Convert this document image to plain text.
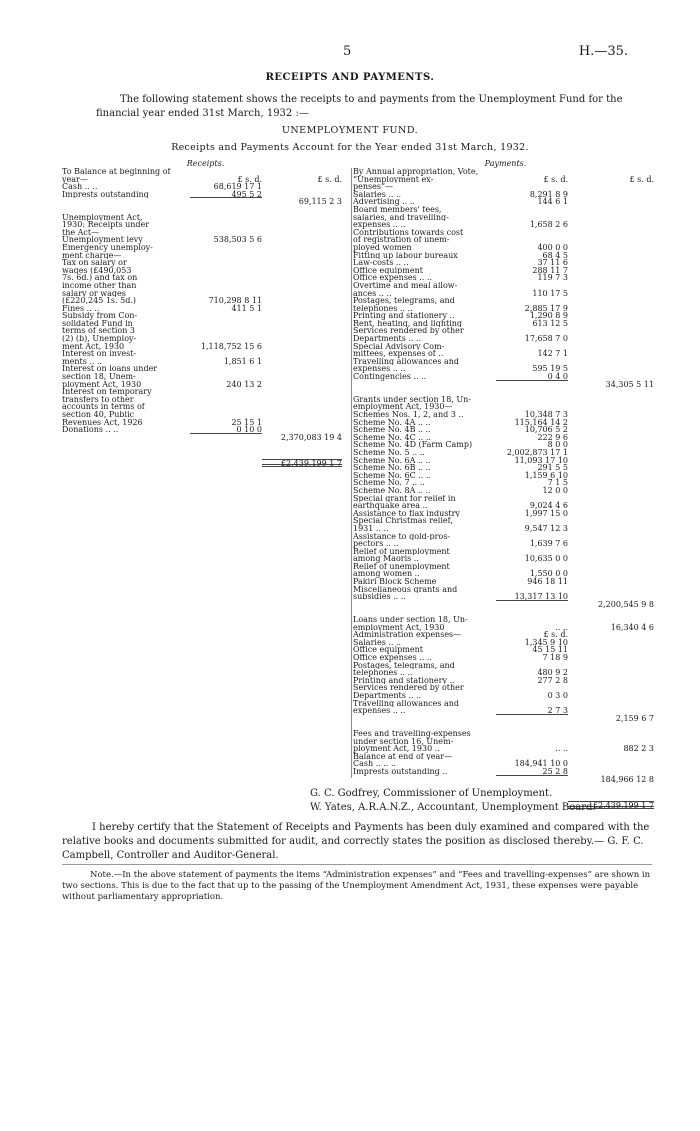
5	H.—35.
RECEIPTS AND PAYMENTS.
The following statement shows the receipts to and payments from the Unemployment Fund for the financial year ended 31st March, 1932 :—
UNEMPLOYMENT FUND.
Receipts and Payments Account for the Year ended 31st March, 1932.
Receipts.
To Balance at beginning of
year—	£ s. d.	£ s. d.
Cash .. ..	68,619 17 1
Imprests outstanding	495 5 2
69,115 2 3
Unemployment Act,
1930: Receipts under
the Act—
Unemployment levy	538,503 5 6
Emergency unemploy-
ment charge—
Tax on salary or
wages (£490,053
7s. 6d.) and tax on
income other than
salary or wages
(£220,245 1s. 5d.)	710,298 8 11
Fines .. ..	411 5 1
Subsidy from Con-
solidated Fund in
terms of section 3
(2) (b), Unemploy-
ment Act, 1930	1,118,752 15 6
Interest on invest-
ments .. ..	1,851 6 1
Interest on loans under
section 18, Unem-
ployment Act, 1930	240 13 2
Interest on temporary
transfers to other
accounts in terms of
section 40, Public
Revenues Act, 1926	25 15 1
Donations .. ..	0 10 0
2,370,083 19 4
£2,439,199 1 7
Payments.
By Annual appropriation, Vote,
“Unemployment ex-	£ s. d.	£ s. d.
penses”—
Salaries .. ..	8,291 8 9
Advertising .. ..	144 6 1
Board members' fees,
salaries, and travelling-
expenses .. ..	1,658 2 6
Contributions towards cost
of registration of unem-
ployed women	400 0 0
Fitting up labour bureaux	68 4 5
Law-costs .. ..	37 11 6
Office equipment	288 11 7
Office expenses .. ..	119 7 3
Overtime and meal allow-
ances .. ..	110 17 5
Postages, telegrams, and
telephones .. ..	2,885 17 9
Printing and stationery ..	1,290 8 9
Rent, heating, and lighting	613 12 5
Services rendered by other
Departments .. ..	17,658 7 0
Special Advisory Com-
mittees, expenses of ..	142 7 1
Travelling allowances and
expenses .. ..	595 19 5
Contingencies .. ..	0 4 0
34,305 5 11
Grants under section 18, Un-
employment Act, 1930—
Schemes Nos. 1, 2, and 3 ..	10,348 7 3
Scheme No. 4A .. ..	115,164 14 2
Scheme No. 4B .. ..	10,706 5 2
Scheme No. 4C .. ..	222 9 6
Scheme No. 4D (Farm Camp)	8 0 0
Scheme No. 5 .. ..	2,002,873 17 1
Scheme No. 6A .. ..	11,093 17 10
Scheme No. 6B .. ..	291 5 5
Scheme No. 6C .. ..	1,159 6 10
Scheme No. 7 .. ..	7 1 5
Scheme No. 8A .. ..	12 0 0
Special grant for relief in
earthquake area ..	9,024 4 6
Assistance to flax industry	1,997 15 0
Special Christmas relief,
1931 .. ..	9,547 12 3
Assistance to gold-pros-
pectors .. ..	1,639 7 6
Relief of unemployment
among Maoris ..	10,635 0 0
Relief of unemployment
among women ..	1,550 0 0
Pakiri Block Scheme	946 18 11
Miscellaneous grants and
subsidies .. ..	13,317 13 10
2,200,545 9 8
Loans under section 18, Un-
employment Act, 1930	.. ..	16,340 4 6
Administration expenses—	£ s. d.
Salaries .. ..	1,345 9 10
Office equipment	45 15 11
Office expenses .. ..	7 18 9
Postages, telegrams, and
telephones .. ..	480 9 2
Printing and stationery ..	277 2 8
Services rendered by other
Departments .. ..	0 3 0
Travelling allowances and
expenses .. ..	2 7 3
2,159 6 7
Fees and travelling-expenses
under section 16, Unem-
ployment Act, 1930 ..	.. ..	882 2 3
Balance at end of year—
Cash .. .. ..	184,941 10 0
Imprests outstanding ..	25 2 8
184,966 12 8
£2,439,199 1 7
G. C. Godfrey, Commissioner of Unemployment.
W. Yates, A.R.A.N.Z., Accountant, Unemployment Board.
I hereby certify that the Statement of Receipts and Payments has been duly examined and compared with the relative books and documents submitted for audit, and correctly states the position as disclosed thereby.— G. F. C. Campbell, Controller and Auditor-General.
Note.—In the above statement of payments the items “Administration expenses” and “Fees and travelling-expenses” are shown in two sections. This is due to the fact that up to the passing of the Unemployment Amendment Act, 1931, these expenses were payable without parliamentary appropriation.
